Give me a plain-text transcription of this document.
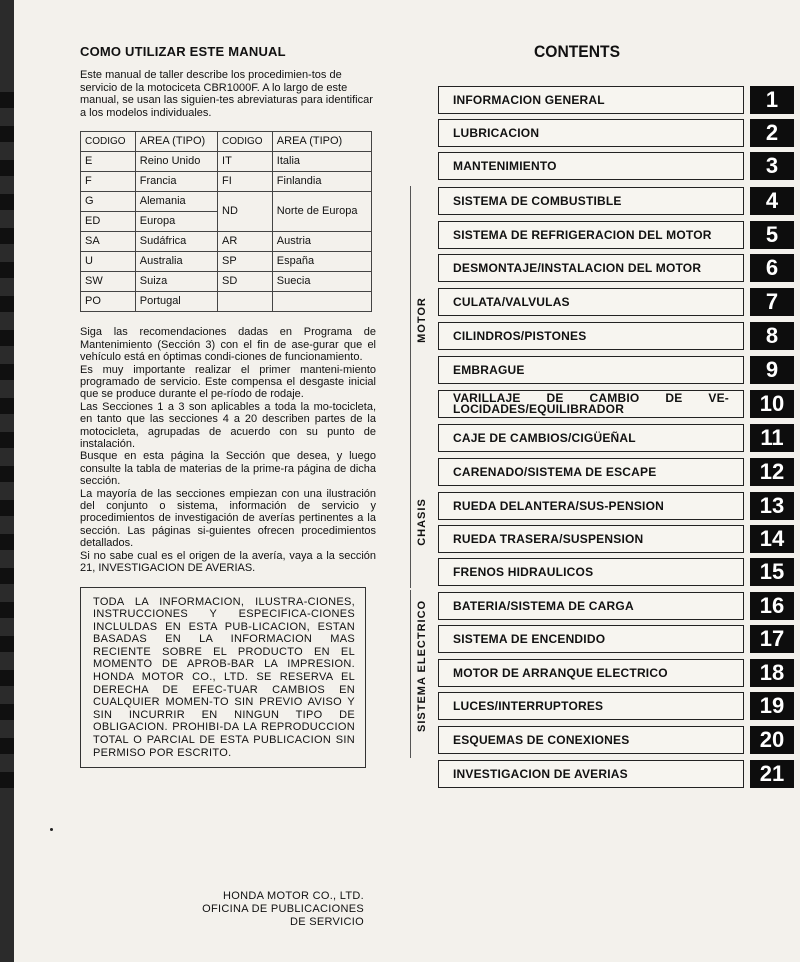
COMO UTILIZAR ESTE MANUAL

Este manual de taller describe los procedimien-tos de servicio de la motociceta CBR1000F. A lo largo de este manual, se usan las siguien-tes abreviaturas para identificar a los modelos individuales.

CODIGO	AREA (TIPO)	CODIGO	AREA (TIPO)
E	Reino Unido	IT	Italia
F	Francia	FI	Finlandia
G	Alemania	ND	Norte de Europa
ED	Europa		
SA	Sudáfrica	AR	Austria
U	Australia	SP	España
SW	Suiza	SD	Suecia
PO	Portugal		

Siga las recomendaciones dadas en Programa de Mantenimiento (Sección 3) con el fin de ase-gurar que el vehículo está en óptimas condi-ciones de funcionamiento.

Es muy importante realizar el primer manteni-miento programado de servicio. Este compensa el desgaste inicial que se produce durante el pe-ríodo de rodaje.

Las Secciones 1 a 3 son aplicables a toda la mo-tocicleta, en tanto que las secciones 4 a 20 describen partes de la motocicleta, agrupadas de acuerdo con su punto de instalación.

Busque en esta página la Sección que desea, y luego consulte la tabla de materias de la prime-ra página de dicha sección.

La mayoría de las secciones empiezan con una ilustración del conjunto o sistema, información de servicio y procedimientos de investigación de averías pertinentes a la sección. Las páginas si-guientes ofrecen procedimientos detallados.

Si no sabe cual es el origen de la avería, vaya a la sección 21, INVESTIGACION DE AVERIAS.

TODA LA INFORMACION, ILUSTRA-CIONES, INSTRUCCIONES Y ESPECIFICA-CIONES INCLULDAS EN ESTA PUB-LICACION, ESTAN BASADAS EN LA INFORMACION MAS RECIENTE SOBRE EL PRODUCTO EN EL MOMENTO DE APROB-BAR LA IMPRESION. HONDA MOTOR CO., LTD. SE RESERVA EL DERECHA DE EFEC-TUAR CAMBIOS EN CUALQUIER MOMEN-TO SIN PREVIO AVISO Y SIN INCURRIR EN NINGUN TIPO DE OBLIGACION. PROHIBI-DA LA REPRODUCCION TOTAL O PARCIAL DE ESTA PUBLICACION SIN PERMISO POR ESCRITO.
HONDA MOTOR CO., LTD.
OFICINA DE PUBLICACIONES
DE SERVICIO
CONTENTS
MOTOR
CHASIS
SISTEMA ELECTRICO
INFORMACION GENERAL	1
LUBRICACION	2
MANTENIMIENTO	3
SISTEMA DE COMBUSTIBLE	4
SISTEMA DE REFRIGERACION DEL MOTOR	5
DESMONTAJE/INSTALACION DEL MOTOR	6
CULATA/VALVULAS	7
CILINDROS/PISTONES	8
EMBRAGUE	9
VARILLAJE DE CAMBIO DE VE-LOCIDADES/EQUILIBRADOR	10
CAJE DE CAMBIOS/CIGÜEÑAL	11
CARENADO/SISTEMA DE ESCAPE	12
RUEDA DELANTERA/SUS-PENSION	13
RUEDA TRASERA/SUSPENSION	14
FRENOS HIDRAULICOS	15
BATERIA/SISTEMA DE CARGA	16
SISTEMA DE ENCENDIDO	17
MOTOR DE ARRANQUE ELECTRICO	18
LUCES/INTERRUPTORES	19
ESQUEMAS DE CONEXIONES	20
INVESTIGACION DE AVERIAS	21
